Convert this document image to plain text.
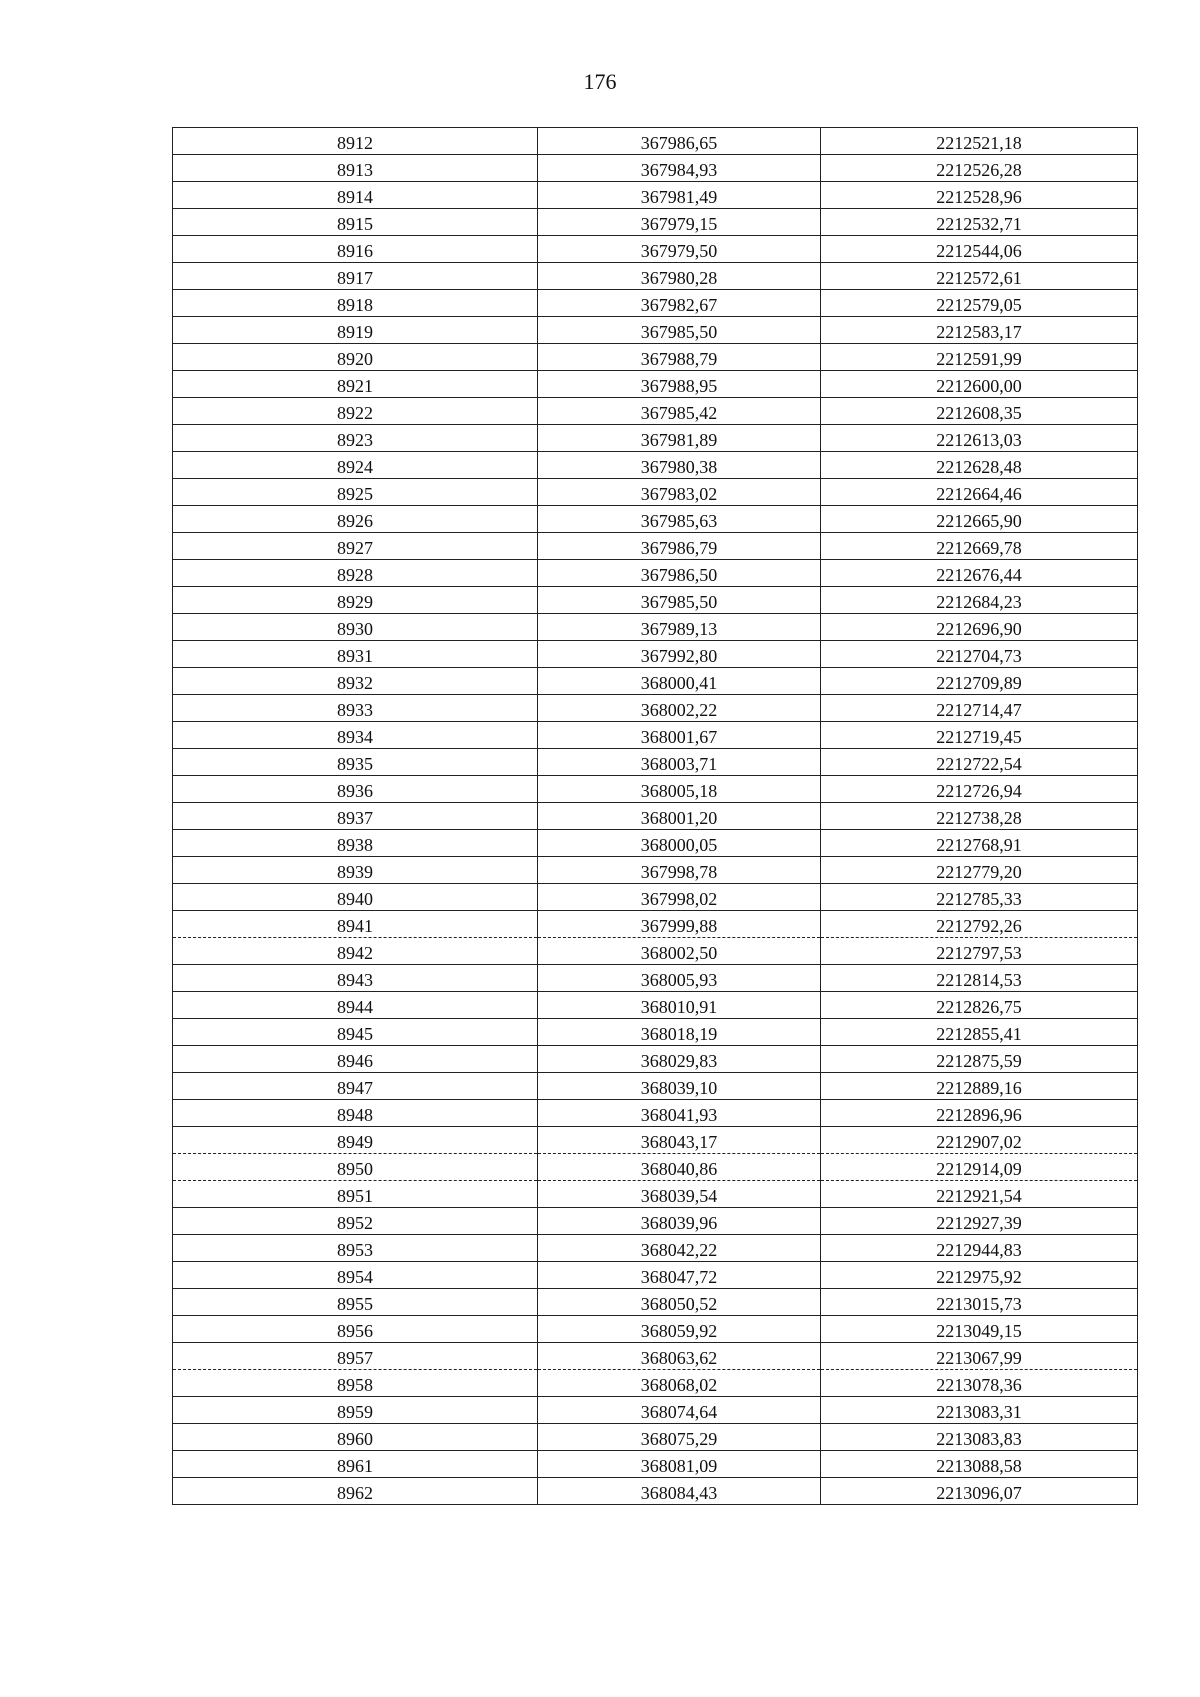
176
8912	367986,65	2212521,18
8913	367984,93	2212526,28
8914	367981,49	2212528,96
8915	367979,15	2212532,71
8916	367979,50	2212544,06
8917	367980,28	2212572,61
8918	367982,67	2212579,05
8919	367985,50	2212583,17
8920	367988,79	2212591,99
8921	367988,95	2212600,00
8922	367985,42	2212608,35
8923	367981,89	2212613,03
8924	367980,38	2212628,48
8925	367983,02	2212664,46
8926	367985,63	2212665,90
8927	367986,79	2212669,78
8928	367986,50	2212676,44
8929	367985,50	2212684,23
8930	367989,13	2212696,90
8931	367992,80	2212704,73
8932	368000,41	2212709,89
8933	368002,22	2212714,47
8934	368001,67	2212719,45
8935	368003,71	2212722,54
8936	368005,18	2212726,94
8937	368001,20	2212738,28
8938	368000,05	2212768,91
8939	367998,78	2212779,20
8940	367998,02	2212785,33
8941	367999,88	2212792,26
8942	368002,50	2212797,53
8943	368005,93	2212814,53
8944	368010,91	2212826,75
8945	368018,19	2212855,41
8946	368029,83	2212875,59
8947	368039,10	2212889,16
8948	368041,93	2212896,96
8949	368043,17	2212907,02
8950	368040,86	2212914,09
8951	368039,54	2212921,54
8952	368039,96	2212927,39
8953	368042,22	2212944,83
8954	368047,72	2212975,92
8955	368050,52	2213015,73
8956	368059,92	2213049,15
8957	368063,62	2213067,99
8958	368068,02	2213078,36
8959	368074,64	2213083,31
8960	368075,29	2213083,83
8961	368081,09	2213088,58
8962	368084,43	2213096,07
